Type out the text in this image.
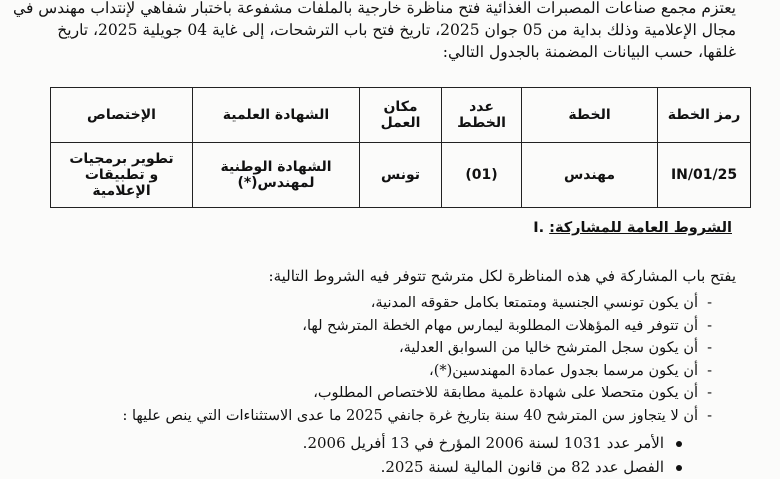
يعتزم مجمع صناعات المصبرات الغذائية فتح مناظرة خارجية بالملفات مشفوعة باختبار شفاهي لإنتداب مهندس في
مجال الإعلامية وذلك بداية من 05 جوان 2025، تاريخ فتح باب الترشحات، إلى غاية 04 جويلية 2025، تاريخ
غلقها، حسب البيانات المضمنة بالجدول التالي:
رمز الخطة	الخطة	عدد الخطط	مكان العمل	الشهادة العلمية	الإختصاص
IN/01/25	مهندس	(01)	تونس	الشهادة الوطنية لمهندس(*)	تطوير برمجيات
و تطبيقات الإعلامية
الشروط العامة للمشاركة: I.
يفتح باب المشاركة في هذه المناظرة لكل مترشح تتوفر فيه الشروط التالية:
-أن يكون تونسي الجنسية ومتمتعا بكامل حقوقه المدنية،
-أن تتوفر فيه المؤهلات المطلوبة ليمارس مهام الخطة المترشح لها،
-أن يكون سجل المترشح خاليا من السوابق العدلية،
-أن يكون مرسما بجدول عمادة المهندسين(*)،
-أن يكون متحصلا على شهادة علمية مطابقة للاختصاص المطلوب،
-أن لا يتجاوز سن المترشح 40 سنة بتاريخ غرة جانفي 2025 ما عدى الاستثناءات التي ينص عليها :
الأمر عدد 1031 لسنة 2006 المؤرخ في 13 أفريل 2006.
الفصل عدد 82 من قانون المالية لسنة 2025.
